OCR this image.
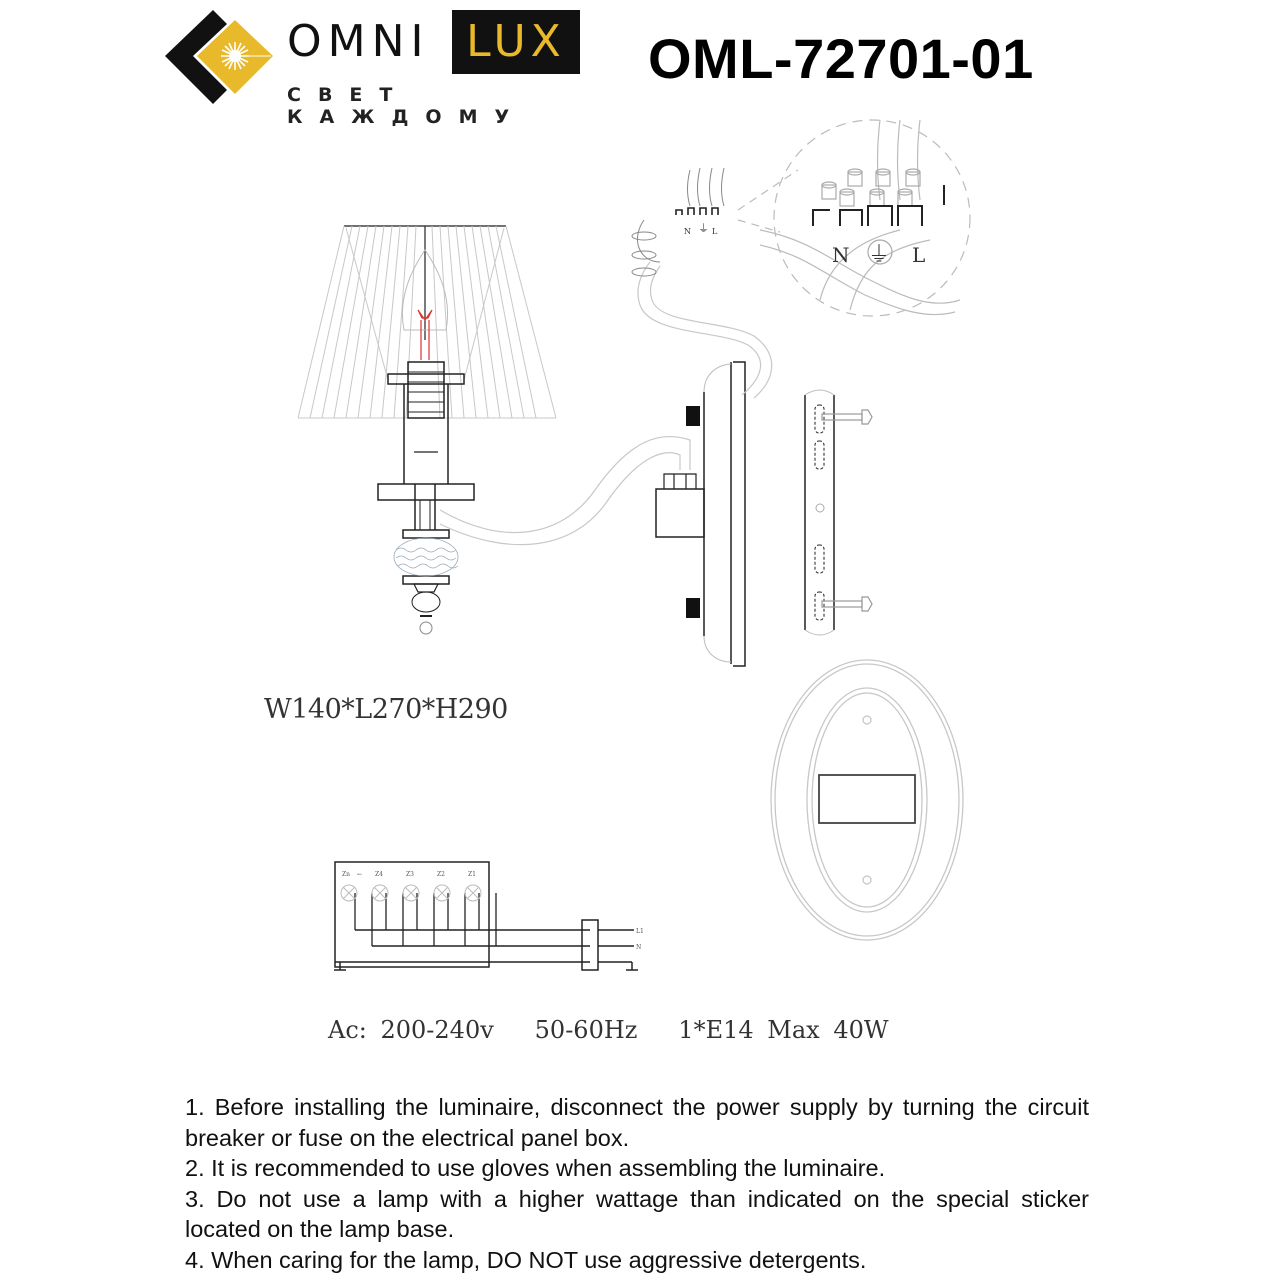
OMNI LUX
СВЕТ КАЖДОМУ
OML-72701-01
N ⏚ L
N ⏚ L
Zn ← Z4	Z3	Z2	Z1
L1
N
W140*L270*H290
Ac: 200-240v   50-60Hz   1*E14 Max 40W

1. Before installing the luminaire, disconnect the power supply by turning the circuit breaker or fuse on the electrical panel box.

2. It is recommended to use gloves when assembling the luminaire.

3. Do not use a lamp with a higher wattage than indicated on the special sticker located on the lamp base.

4. When caring for the lamp, DO NOT use aggressive detergents.
